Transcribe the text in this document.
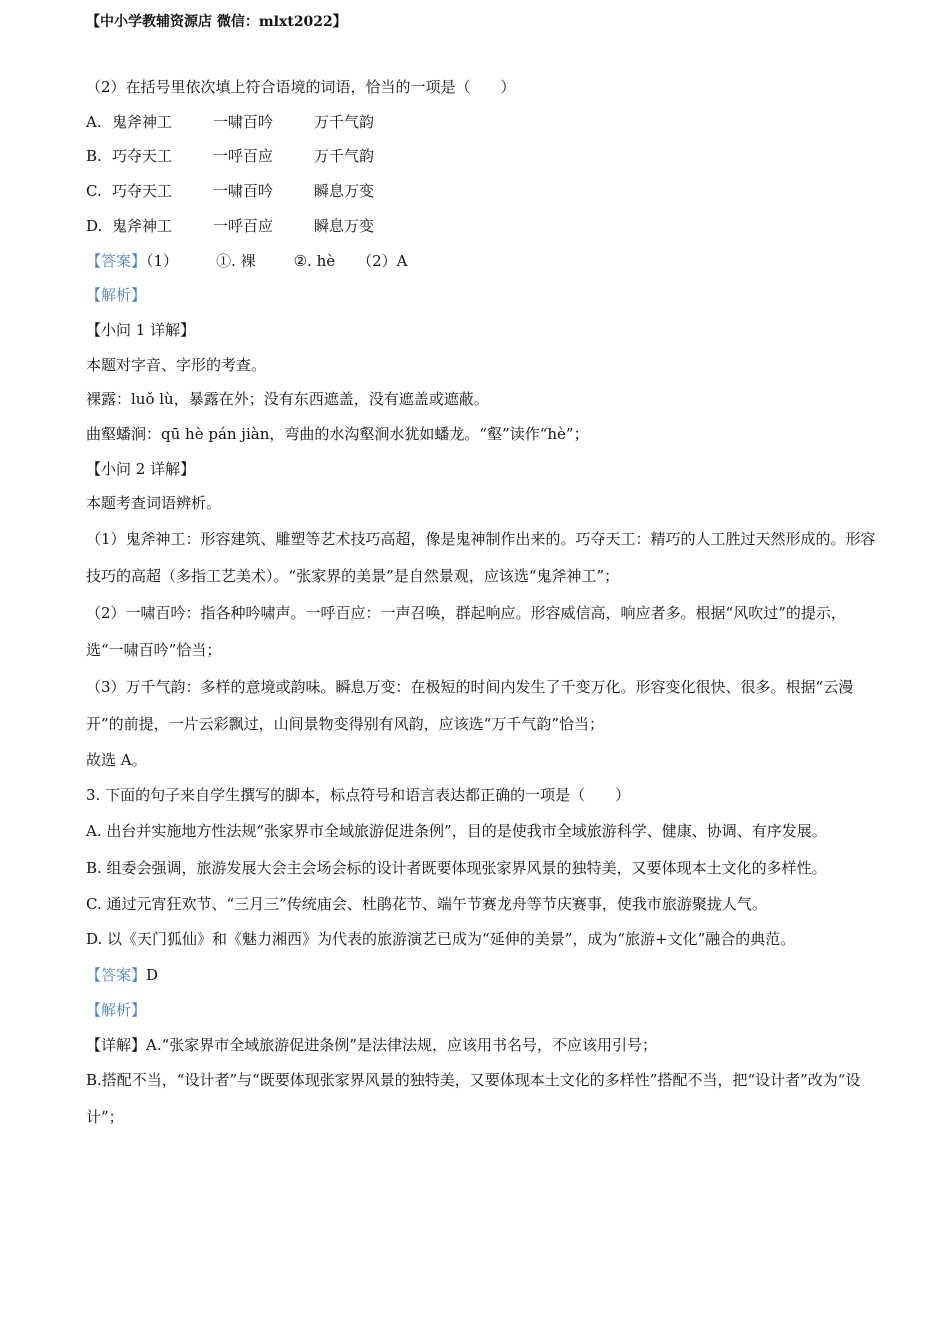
【中小学教辅资源店 微信：mlxt2022】
（2）在括号里依次填上符合语境的词语，恰当的一项是（　　）
A. 鬼斧神工	一啸百吟	万千气韵
B. 巧夺天工	一呼百应	万千气韵
C. 巧夺天工	一啸百吟	瞬息万变
D. 鬼斧神工	一呼百应	瞬息万变
【答案】（1）	①. 裸	②. hè （2）A
【解析】
【小问 1 详解】
本题对字音、字形的考查。
裸露：luǒ lù，暴露在外；没有东西遮盖，没有遮盖或遮蔽。
曲壑蟠涧：qū hè pán jiàn，弯曲的水沟壑涧水犹如蟠龙。“壑”读作“hè”；
【小问 2 详解】
本题考查词语辨析。
（1）鬼斧神工：形容建筑、雕塑等艺术技巧高超，像是鬼神制作出来的。巧夺天工：精巧的人工胜过天然形成的。形容技巧的高超（多指工艺美术）。“张家界的美景”是自然景观，应该选“鬼斧神工”；
（2）一啸百吟：指各种吟啸声。一呼百应：一声召唤，群起响应。形容威信高，响应者多。根据“风吹过”的提示，选“一啸百吟”恰当；
（3）万千气韵：多样的意境或韵味。瞬息万变：在极短的时间内发生了千变万化。形容变化很快、很多。根据“云漫开”的前提，一片云彩飘过，山间景物变得别有风韵，应该选“万千气韵”恰当；
故选 A。
3. 下面的句子来自学生撰写的脚本，标点符号和语言表达都正确的一项是（　　）
A. 出台并实施地方性法规“张家界市全域旅游促进条例”，目的是使我市全域旅游科学、健康、协调、有序发展。
B. 组委会强调，旅游发展大会主会场会标的设计者既要体现张家界风景的独特美，又要体现本土文化的多样性。
C. 通过元宵狂欢节、“三月三”传统庙会、杜鹃花节、端午节赛龙舟等节庆赛事，使我市旅游聚拢人气。
D. 以《天门狐仙》和《魅力湘西》为代表的旅游演艺已成为“延伸的美景”，成为“旅游+文化”融合的典范。
【答案】D
【解析】
【详解】A.“张家界市全域旅游促进条例”是法律法规，应该用书名号，不应该用引号；
B.搭配不当，“设计者”与“既要体现张家界风景的独特美，又要体现本土文化的多样性”搭配不当，把“设计者”改为“设计”；
